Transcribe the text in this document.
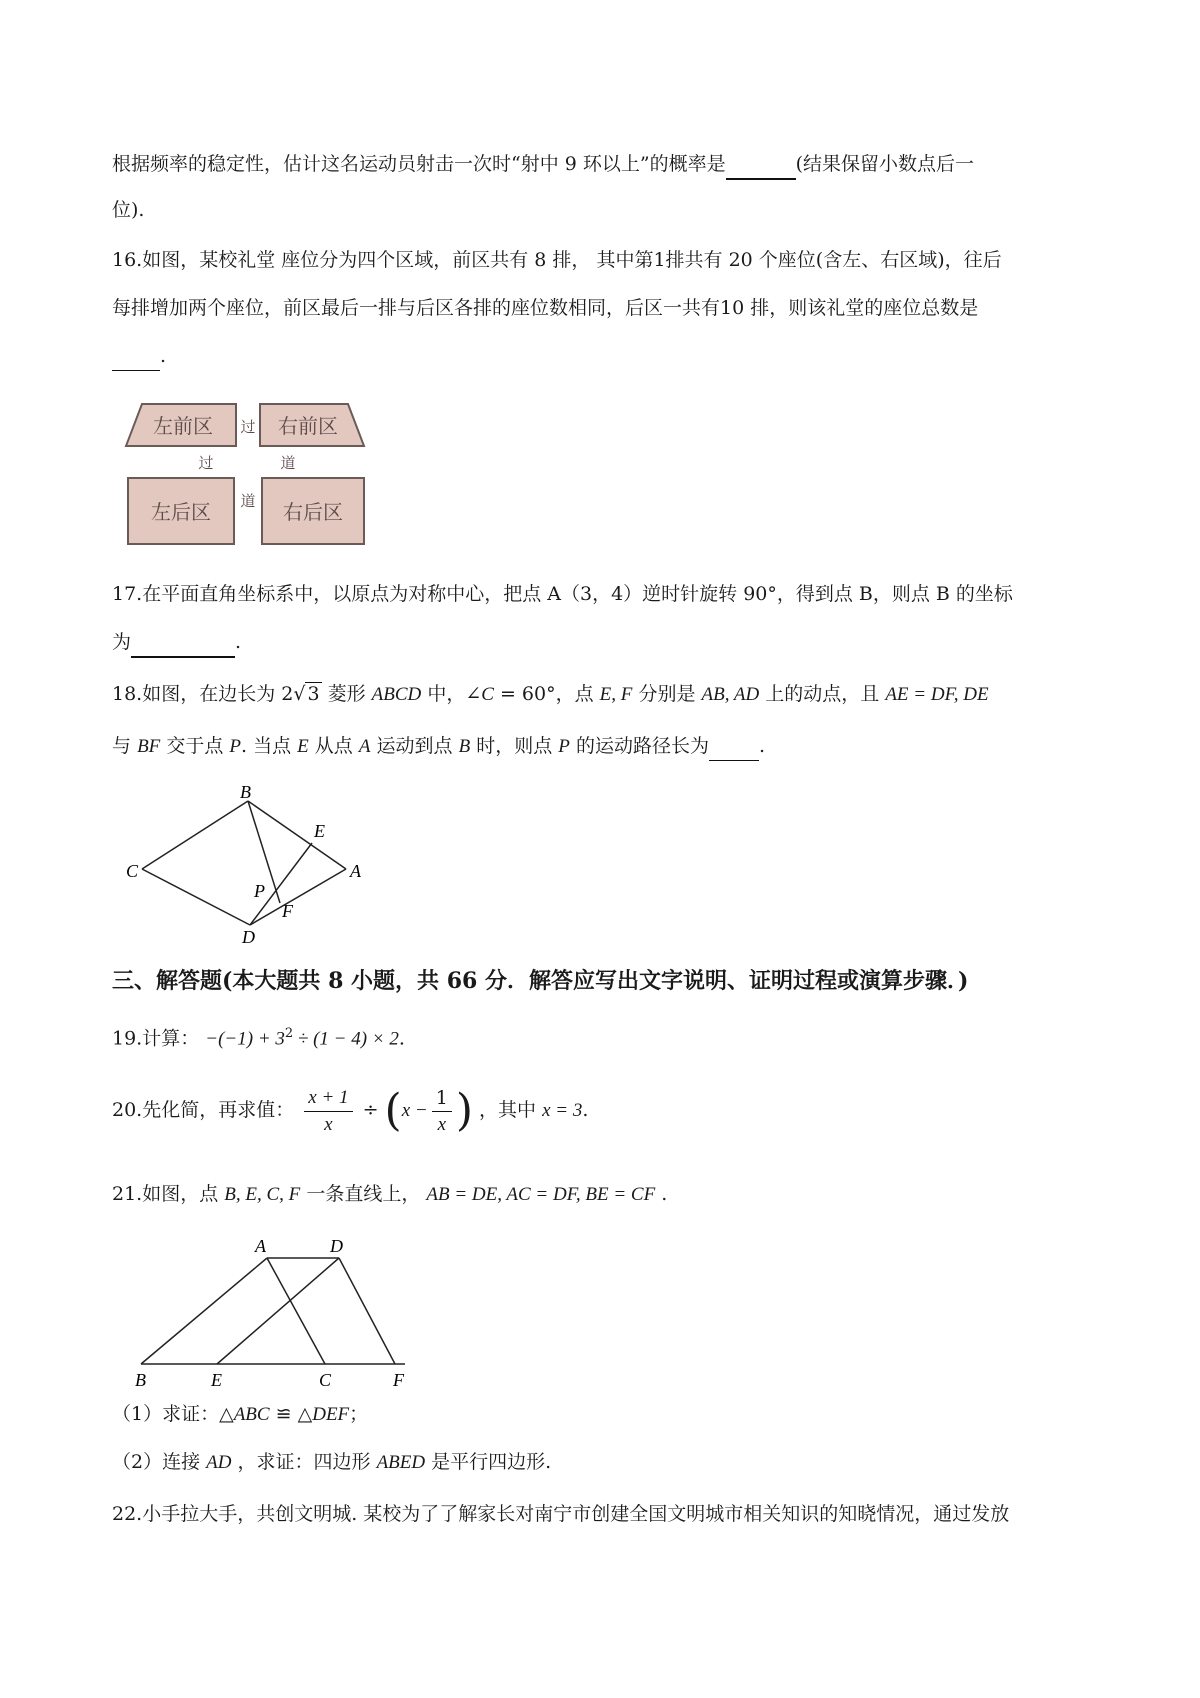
根据频率的稳定性，估计这名运动员射击一次时“射中 9 环以上”的概率是	(结果保留小数点后一
位).
16.如图，某校礼堂 座位分为四个区域，前区共有 8 排， 其中第1排共有 20 个座位(含左、右区域)，往后
每排增加两个座位，前区最后一排与后区各排的座位数相同，后区一共有10 排，则该礼堂的座位总数是
.
左前区	右前区
左后区	右后区
过
过	道
道
17.在平面直角坐标系中，以原点为对称中心，把点 A（3，4）逆时针旋转 90°，得到点 B，则点 B 的坐标
为	.
18.如图，在边长为 2√ 3 菱形 ABCD 中，∠C = 60°，点 E, F 分别是 AB, AD 上的动点，且 AE = DF, DE
与 BF 交于点 P. 当点 E 从点 A 运动到点 B 时，则点 P 的运动路径长为	.
B
C
E
A
P
F
D
三、解答题(本大题共 8 小题，共 66 分．解答应写出文字说明、证明过程或演算步骤．)
19.计算： $-(-1) + 3^2 \div (1 - 4) \times 2$.
20.先化简，再求值： $\frac{x + 1}{x} \div (x - \frac{1}{x}$ ) ，其中 x = 3.
21.如图，点 B, E, C, F 一条直线上， AB = DE, AC = DF, BE = CF .
A	D
B	E	C	F
（1）求证：△ABC ≌ △DEF；
（2）连接 AD ，求证：四边形 ABED 是平行四边形.
22.小手拉大手，共创文明城. 某校为了了解家长对南宁市创建全国文明城市相关知识的知晓情况，通过发放
